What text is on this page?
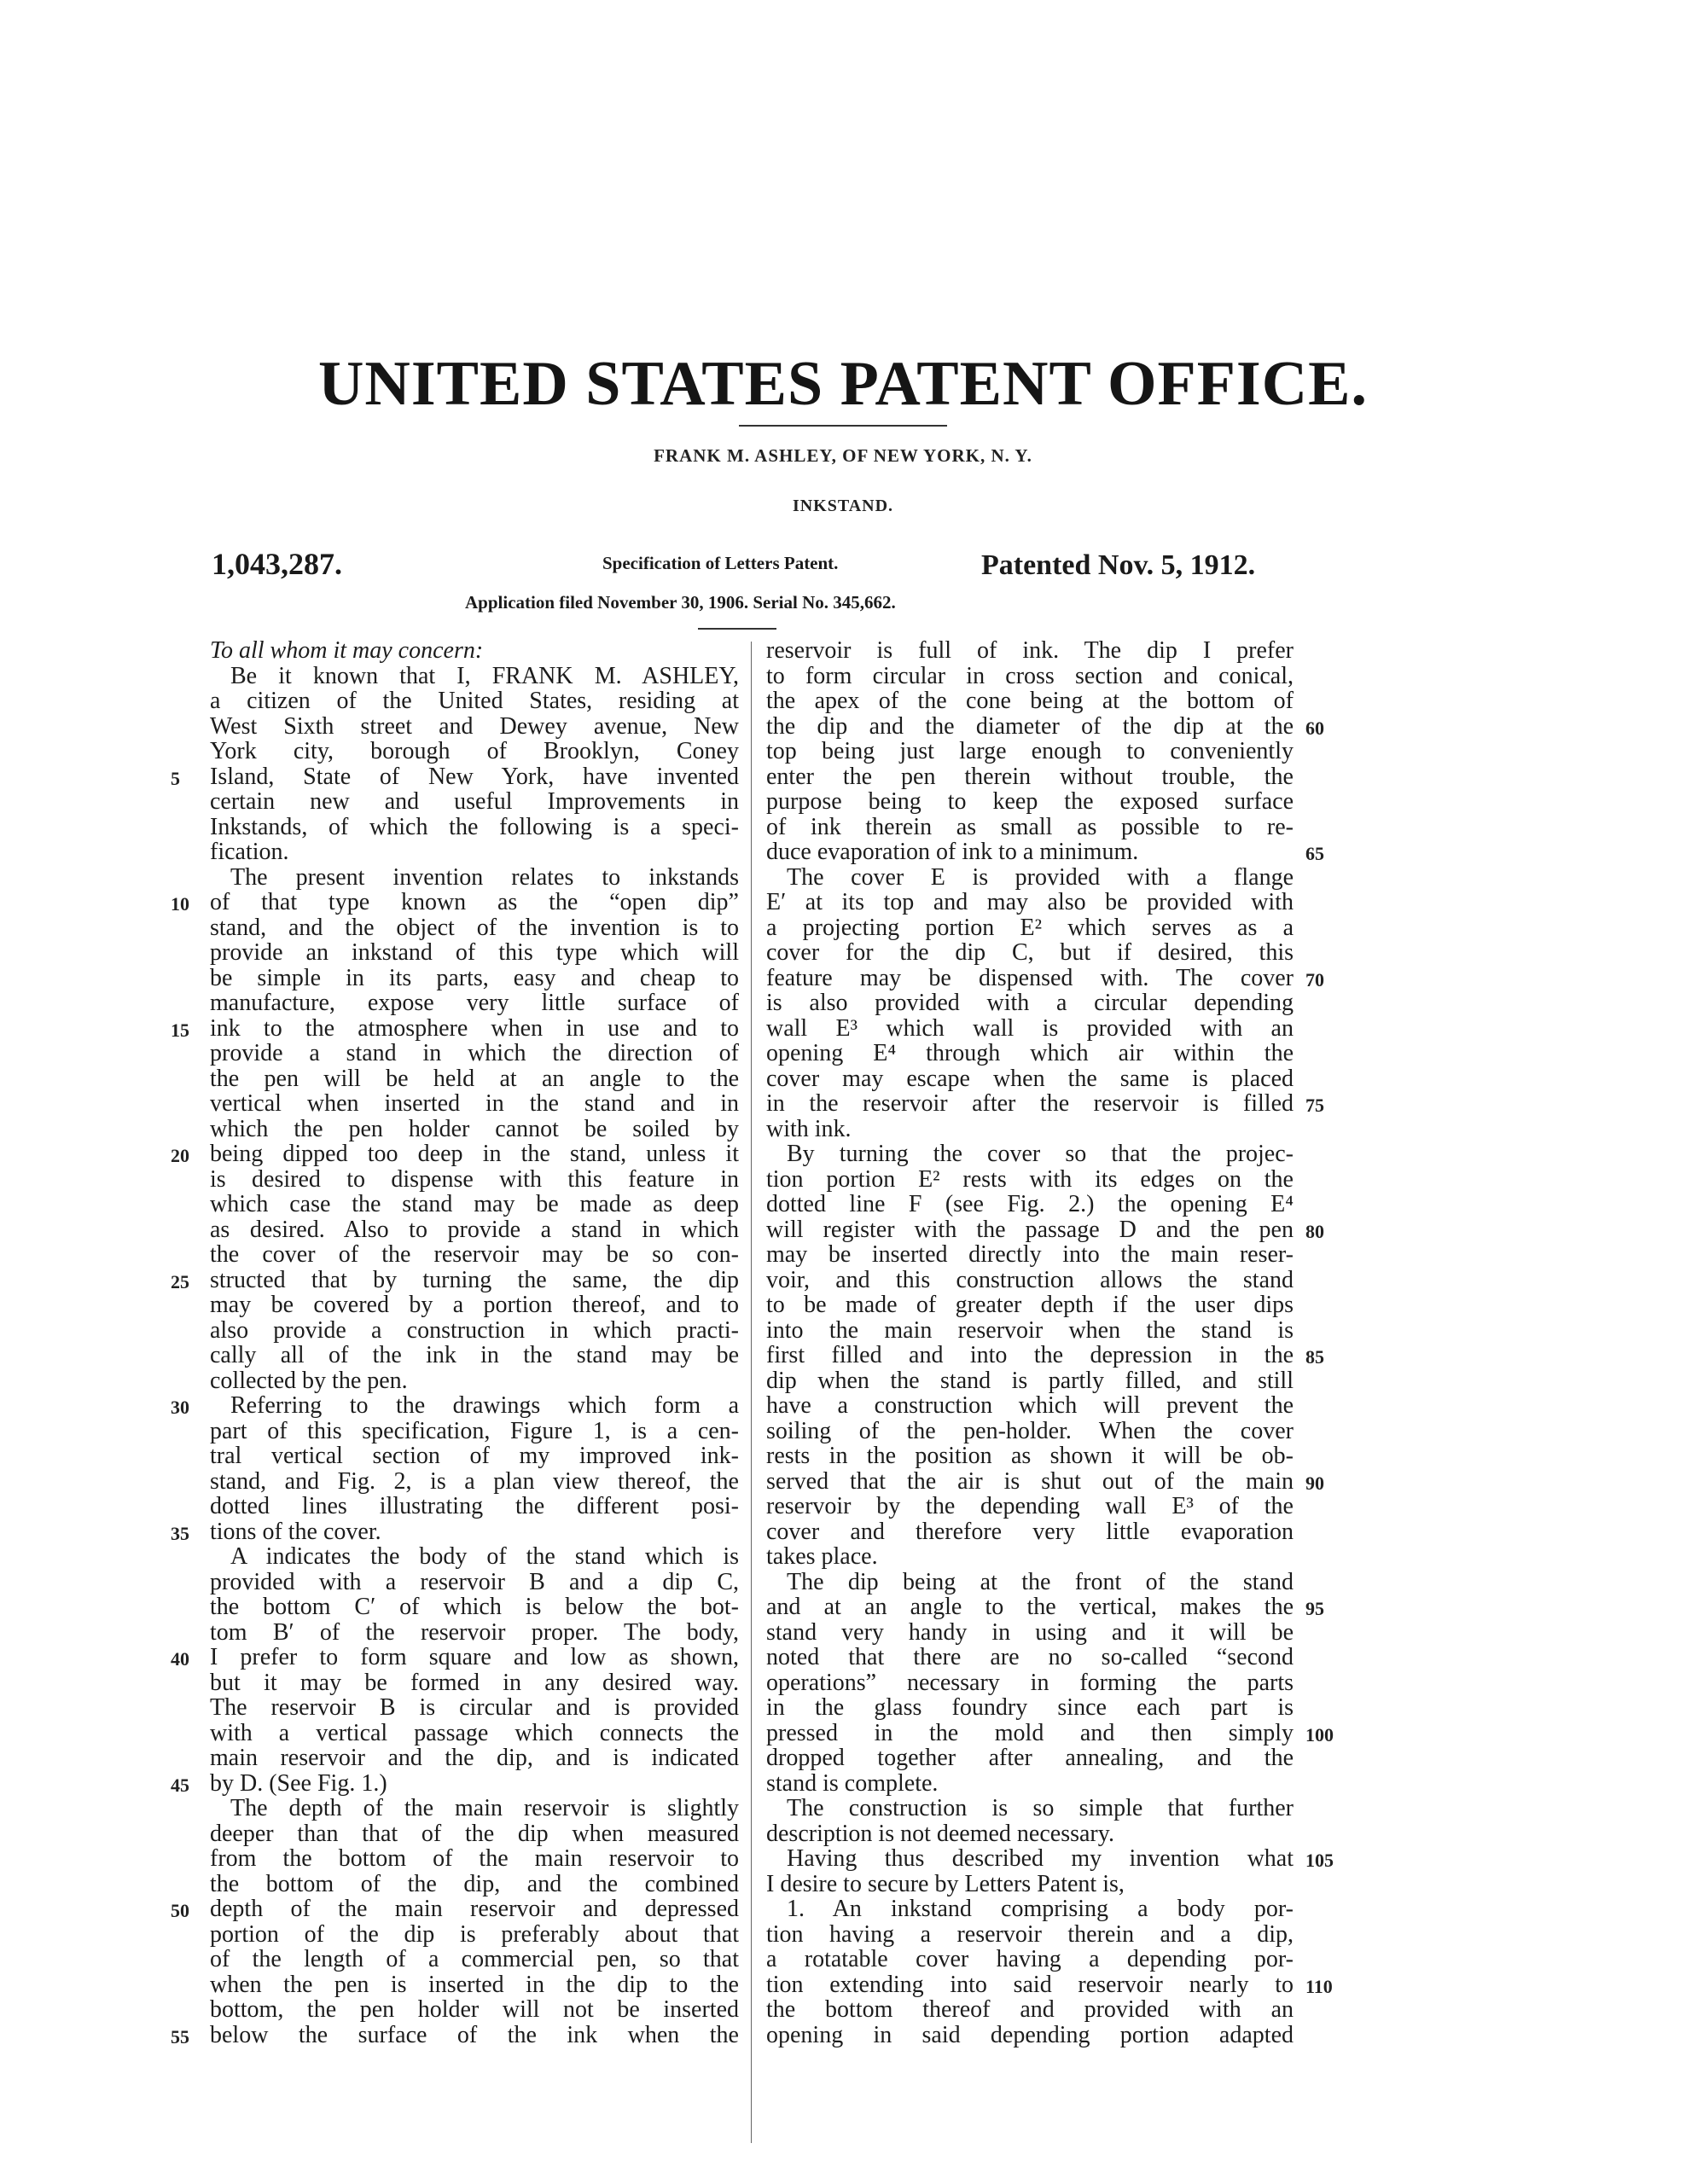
UNITED STATES PATENT OFFICE.
FRANK M. ASHLEY, OF NEW YORK, N. Y.
INKSTAND.
1,043,287.	Specification of Letters Patent.	Patented Nov. 5, 1912.
Application filed November 30, 1906. Serial No. 345,662.
To all whom it may concern:
Be it known that I, FRANK M. ASHLEY,
a citizen of the United States, residing at
West Sixth street and Dewey avenue, New
York city, borough of Brooklyn, Coney
Island, State of New York, have invented
certain new and useful Improvements in
Inkstands, of which the following is a speci-
fication.
The present invention relates to inkstands
of that type known as the “open dip”
stand, and the object of the invention is to
provide an inkstand of this type which will
be simple in its parts, easy and cheap to
manufacture, expose very little surface of
ink to the atmosphere when in use and to
provide a stand in which the direction of
the pen will be held at an angle to the
vertical when inserted in the stand and in
which the pen holder cannot be soiled by
being dipped too deep in the stand, unless it
is desired to dispense with this feature in
which case the stand may be made as deep
as desired. Also to provide a stand in which
the cover of the reservoir may be so con-
structed that by turning the same, the dip
may be covered by a portion thereof, and to
also provide a construction in which practi-
cally all of the ink in the stand may be
collected by the pen.
Referring to the drawings which form a
part of this specification, Figure 1, is a cen-
tral vertical section of my improved ink-
stand, and Fig. 2, is a plan view thereof, the
dotted lines illustrating the different posi-
tions of the cover.
A indicates the body of the stand which is
provided with a reservoir B and a dip C,
the bottom C′ of which is below the bot-
tom B′ of the reservoir proper. The body,
I prefer to form square and low as shown,
but it may be formed in any desired way.
The reservoir B is circular and is provided
with a vertical passage which connects the
main reservoir and the dip, and is indicated
by D. (See Fig. 1.)
The depth of the main reservoir is slightly
deeper than that of the dip when measured
from the bottom of the main reservoir to
the bottom of the dip, and the combined
depth of the main reservoir and depressed
portion of the dip is preferably about that
of the length of a commercial pen, so that
when the pen is inserted in the dip to the
bottom, the pen holder will not be inserted
below the surface of the ink when the
reservoir is full of ink. The dip I prefer
to form circular in cross section and conical,
the apex of the cone being at the bottom of
the dip and the diameter of the dip at the
top being just large enough to conveniently
enter the pen therein without trouble, the
purpose being to keep the exposed surface
of ink therein as small as possible to re-
duce evaporation of ink to a minimum.
The cover E is provided with a flange
E′ at its top and may also be provided with
a projecting portion E² which serves as a
cover for the dip C, but if desired, this
feature may be dispensed with. The cover
is also provided with a circular depending
wall E³ which wall is provided with an
opening E⁴ through which air within the
cover may escape when the same is placed
in the reservoir after the reservoir is filled
with ink.
By turning the cover so that the projec-
tion portion E² rests with its edges on the
dotted line F (see Fig. 2.) the opening E⁴
will register with the passage D and the pen
may be inserted directly into the main reser-
voir, and this construction allows the stand
to be made of greater depth if the user dips
into the main reservoir when the stand is
first filled and into the depression in the
dip when the stand is partly filled, and still
have a construction which will prevent the
soiling of the pen-holder. When the cover
rests in the position as shown it will be ob-
served that the air is shut out of the main
reservoir by the depending wall E³ of the
cover and therefore very little evaporation
takes place.
The dip being at the front of the stand
and at an angle to the vertical, makes the
stand very handy in using and it will be
noted that there are no so-called “second
operations” necessary in forming the parts
in the glass foundry since each part is
pressed in the mold and then simply
dropped together after annealing, and the
stand is complete.
The construction is so simple that further
description is not deemed necessary.
Having thus described my invention what
I desire to secure by Letters Patent is,
1. An inkstand comprising a body por-
tion having a reservoir therein and a dip,
a rotatable cover having a depending por-
tion extending into said reservoir nearly to
the bottom thereof and provided with an
opening in said depending portion adapted
5
10
15
20
25
30
35
40
45
50
55
60
65
70
75
80
85
90
95
100
105
110
